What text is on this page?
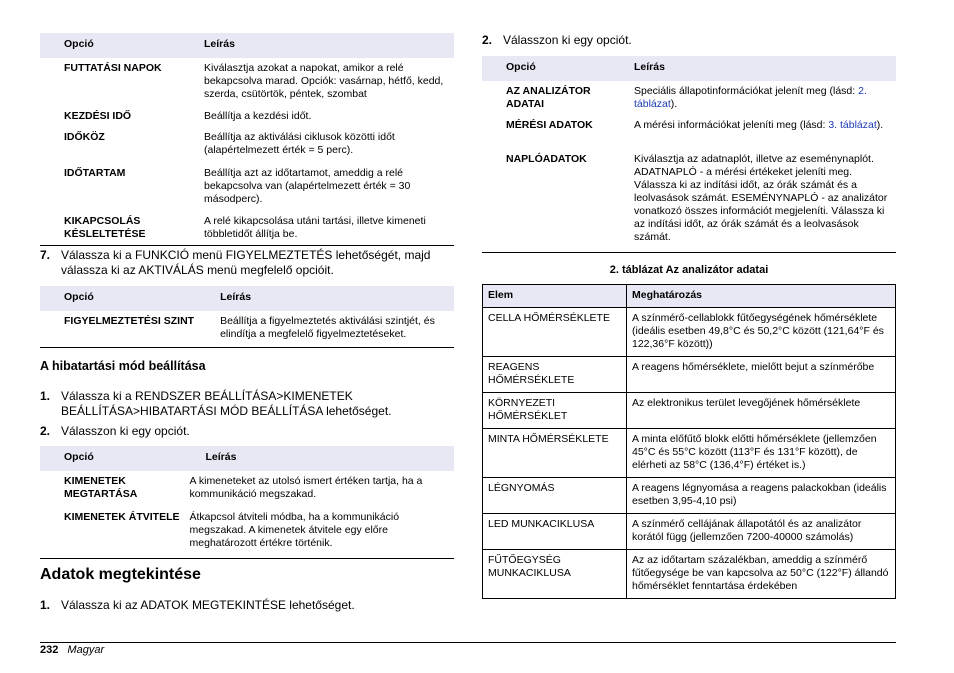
Opció	Leírás
FUTTATÁSI NAPOK	Kiválasztja azokat a napokat, amikor a relé bekapcsolva marad. Opciók: vasárnap, hétfő, kedd, szerda, csütörtök, péntek, szombat
KEZDÉSI IDŐ	Beállítja a kezdési időt.
IDŐKÖZ	Beállítja az aktiválási ciklusok közötti időt (alapértelmezett érték = 5 perc).
IDŐTARTAM	Beállítja azt az időtartamot, ameddig a relé bekapcsolva van (alapértelmezett érték = 30 másodperc).
KIKAPCSOLÁS KÉSLELTETÉSE	A relé kikapcsolása utáni tartási, illetve kimeneti többletidőt állítja be.
7. Válassza ki a FUNKCIÓ menü FIGYELMEZTETÉS lehetőségét, majd válassza ki az AKTIVÁLÁS menü megfelelő opcióit.
Opció	Leírás
FIGYELMEZTETÉSI SZINT	Beállítja a figyelmeztetés aktiválási szintjét, és elindítja a megfelelő figyelmeztetéseket.
A hibatartási mód beállítása
1. Válassza ki a RENDSZER BEÁLLÍTÁSA>KIMENETEK BEÁLLÍTÁSA>HIBATARTÁSI MÓD BEÁLLÍTÁSA lehetőséget.
2. Válasszon ki egy opciót.
Opció	Leírás
KIMENETEK MEGTARTÁSA	A kimeneteket az utolsó ismert értéken tartja, ha a kommunikáció megszakad.
KIMENETEK ÁTVITELE	Átkapcsol átviteli módba, ha a kommunikáció megszakad. A kimenetek átvitele egy előre meghatározott értékre történik.
Adatok megtekintése
1. Válassza ki az ADATOK MEGTEKINTÉSE lehetőséget.
2. Válasszon ki egy opciót.
Opció	Leírás
AZ ANALIZÁTOR ADATAI	Speciális állapotinformációkat jelenít meg (lásd: 2. táblázat).
MÉRÉSI ADATOK	A mérési információkat jeleníti meg (lásd: 3. táblázat).
NAPLÓADATOK	Kiválasztja az adatnaplót, illetve az eseménynaplót. ADATNAPLÓ - a mérési értékeket jeleníti meg. Válassza ki az indítási időt, az órák számát és a leolvasások számát. ESEMÉNYNAPLÓ - az analizátor vonatkozó összes információt megjeleníti. Válassza ki az indítási időt, az órák számát és a leolvasások számát.
2. táblázat Az analizátor adatai
Elem	Meghatározás
CELLA HŐMÉRSÉKLETE	A színmérő-cellablokk fűtőegységének hőmérséklete (ideális esetben 49,8°C és 50,2°C között (121,64°F és 122,36°F között))
REAGENS HŐMÉRSÉKLETE	A reagens hőmérséklete, mielőtt bejut a színmérőbe
KÖRNYEZETI HŐMÉRSÉKLET	Az elektronikus terület levegőjének hőmérséklete
MINTA HŐMÉRSÉKLETE	A minta előfűtő blokk előtti hőmérséklete (jellemzően 45°C és 55°C között (113°F és 131°F között), de elérheti az 58°C (136,4°F) értéket is.)
LÉGNYOMÁS	A reagens légnyomása a reagens palackokban (ideális esetben 3,95-4,10 psi)
LED MUNKACIKLUSA	A színmérő cellájának állapotától és az analizátor korától függ (jellemzően 7200-40000 számolás)
FŰTŐEGYSÉG MUNKACIKLUSA	Az az időtartam százalékban, ameddig a színmérő fűtőegysége be van kapcsolva az 50°C (122°F) állandó hőmérséklet fenntartása érdekében
232 Magyar
